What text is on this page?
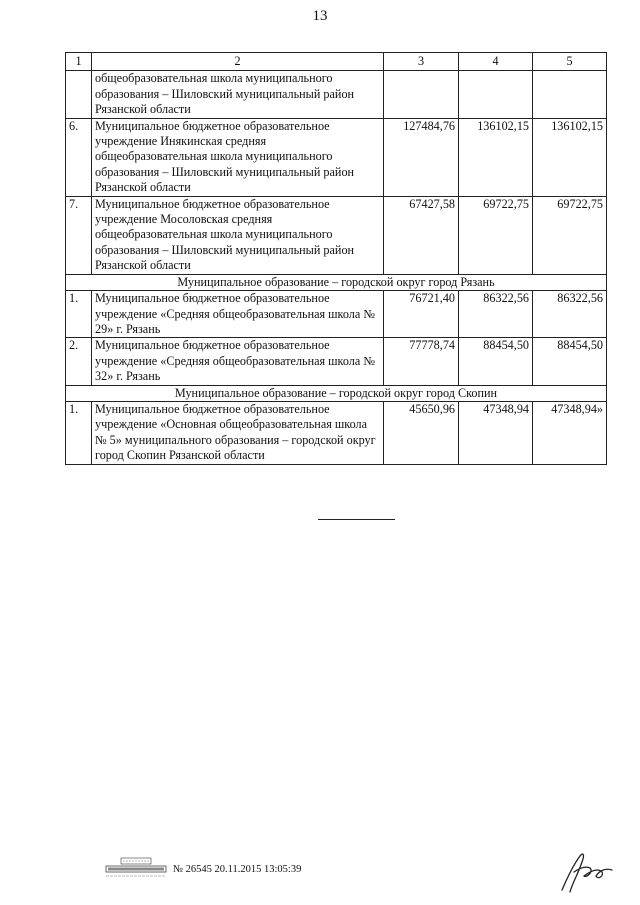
13
1	2	3	4	5
	общеобразовательная школа муниципального образования – Шиловский муниципальный район Рязанской области			
6.	Муниципальное бюджетное образовательное учреждение Инякинская средняя общеобразовательная школа муниципального образования – Шиловский муниципальный район Рязанской области	127484,76	136102,15	136102,15
7.	Муниципальное бюджетное образовательное учреждение Мосоловская средняя общеобразовательная школа муниципального образования – Шиловский муниципальный район Рязанской области	67427,58	69722,75	69722,75
Муниципальное образование – городской округ город Рязань				
1.	Муниципальное бюджетное образовательное учреждение «Средняя общеобразовательная школа № 29» г. Рязань	76721,40	86322,56	86322,56
2.	Муниципальное бюджетное образовательное учреждение «Средняя общеобразовательная школа № 32» г. Рязань	77778,74	88454,50	88454,50
Муниципальное образование – городской округ город Скопин				
1.	Муниципальное бюджетное образовательное учреждение «Основная общеобразовательная школа № 5» муниципального образования – городской округ город Скопин Рязанской области	45650,96	47348,94	47348,94»
№ 26545 20.11.2015 13:05:39
